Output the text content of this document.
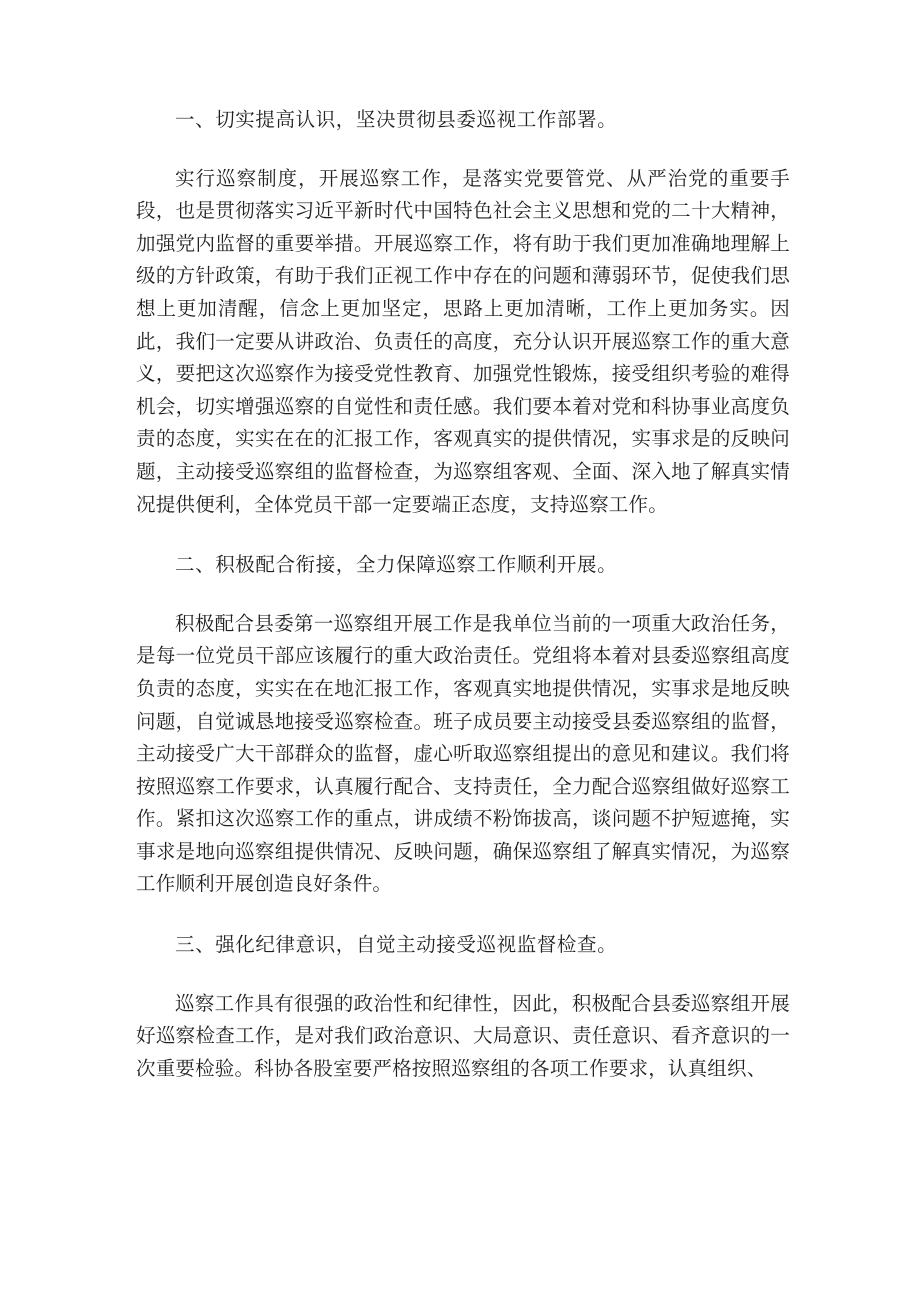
一、切实提高认识，坚决贯彻县委巡视工作部署。

实行巡察制度，开展巡察工作，是落实党要管党、从严治党的重要手段，也是贯彻落实习近平新时代中国特色社会主义思想和党的二十大精神，加强党内监督的重要举措。开展巡察工作，将有助于我们更加准确地理解上级的方针政策，有助于我们正视工作中存在的问题和薄弱环节，促使我们思想上更加清醒，信念上更加坚定，思路上更加清晰，工作上更加务实。因此，我们一定要从讲政治、负责任的高度，充分认识开展巡察工作的重大意义，要把这次巡察作为接受党性教育、加强党性锻炼，接受组织考验的难得机会，切实增强巡察的自觉性和责任感。我们要本着对党和科协事业高度负责的态度，实实在在的汇报工作，客观真实的提供情况，实事求是的反映问题，主动接受巡察组的监督检查，为巡察组客观、全面、深入地了解真实情况提供便利，全体党员干部一定要端正态度，支持巡察工作。

二、积极配合衔接，全力保障巡察工作顺利开展。

积极配合县委第一巡察组开展工作是我单位当前的一项重大政治任务，是每一位党员干部应该履行的重大政治责任。党组将本着对县委巡察组高度负责的态度，实实在在地汇报工作，客观真实地提供情况，实事求是地反映问题，自觉诚恳地接受巡察检查。班子成员要主动接受县委巡察组的监督，主动接受广大干部群众的监督，虚心听取巡察组提出的意见和建议。我们将按照巡察工作要求，认真履行配合、支持责任，全力配合巡察组做好巡察工作。紧扣这次巡察工作的重点，讲成绩不粉饰拔高，谈问题不护短遮掩，实事求是地向巡察组提供情况、反映问题，确保巡察组了解真实情况，为巡察工作顺利开展创造良好条件。

三、强化纪律意识，自觉主动接受巡视监督检查。

巡察工作具有很强的政治性和纪律性，因此，积极配合县委巡察组开展好巡察检查工作，是对我们政治意识、大局意识、责任意识、看齐意识的一次重要检验。科协各股室要严格按照巡察组的各项工作要求，认真组织、
